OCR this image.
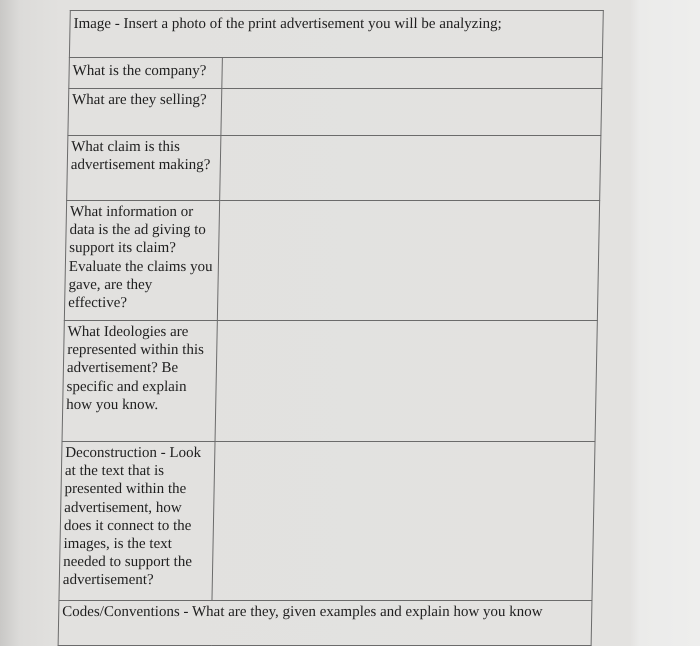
Image - Insert a photo of the print advertisement you will be analyzing;	
What is the company?	
What are they selling?	
What claim is this advertisement making?	
What information or data is the ad giving to support its claim? Evaluate the claims you gave, are they effective?	
What Ideologies are represented within this advertisement? Be specific and explain how you know.	
Deconstruction - Look at the text that is presented within the advertisement, how does it connect to the images, is the text needed to support the advertisement?	
Codes/Conventions - What are they, given examples and explain how you know	
